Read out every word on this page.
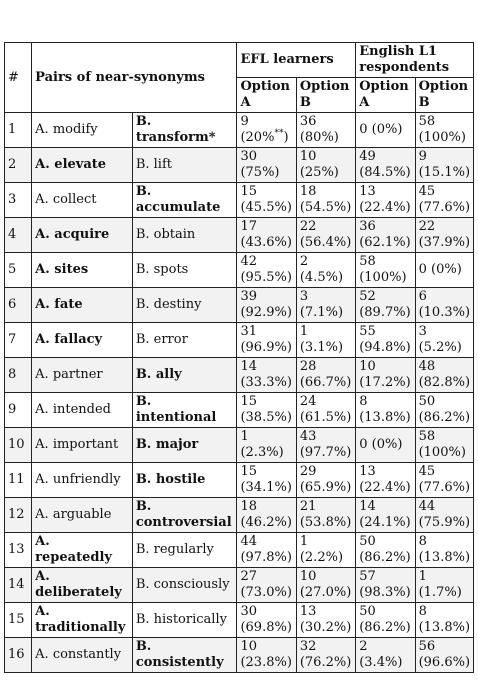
#	Pairs of near-synonyms		EFL learners		English L1 respondents	
			Option A	Option B	Option A	Option B
1	A. modify	B. transform*	9 (20%**)	36 (80%)	0 (0%)	58 (100%)
2	A. elevate	B. lift	30 (75%)	10 (25%)	49 (84.5%)	9 (15.1%)
3	A. collect	B. accumulate	15 (45.5%)	18 (54.5%)	13 (22.4%)	45 (77.6%)
4	A. acquire	B. obtain	17 (43.6%)	22 (56.4%)	36 (62.1%)	22 (37.9%)
5	A. sites	B. spots	42 (95.5%)	2 (4.5%)	58 (100%)	0 (0%)
6	A. fate	B. destiny	39 (92.9%)	3 (7.1%)	52 (89.7%)	6 (10.3%)
7	A. fallacy	B. error	31 (96.9%)	1 (3.1%)	55 (94.8%)	3 (5.2%)
8	A. partner	B. ally	14 (33.3%)	28 (66.7%)	10 (17.2%)	48 (82.8%)
9	A. intended	B. intentional	15 (38.5%)	24 (61.5%)	8 (13.8%)	50 (86.2%)
10	A. important	B. major	1 (2.3%)	43 (97.7%)	0 (0%)	58 (100%)
11	A. unfriendly	B. hostile	15 (34.1%)	29 (65.9%)	13 (22.4%)	45 (77.6%)
12	A. arguable	B. controversial	18 (46.2%)	21 (53.8%)	14 (24.1%)	44 (75.9%)
13	A. repeatedly	B. regularly	44 (97.8%)	1 (2.2%)	50 (86.2%)	8 (13.8%)
14	A. deliberately	B. consciously	27 (73.0%)	10 (27.0%)	57 (98.3%)	1 (1.7%)
15	A. traditionally	B. historically	30 (69.8%)	13 (30.2%)	50 (86.2%)	8 (13.8%)
16	A. constantly	B. consistently	10 (23.8%)	32 (76.2%)	2 (3.4%)	56 (96.6%)
